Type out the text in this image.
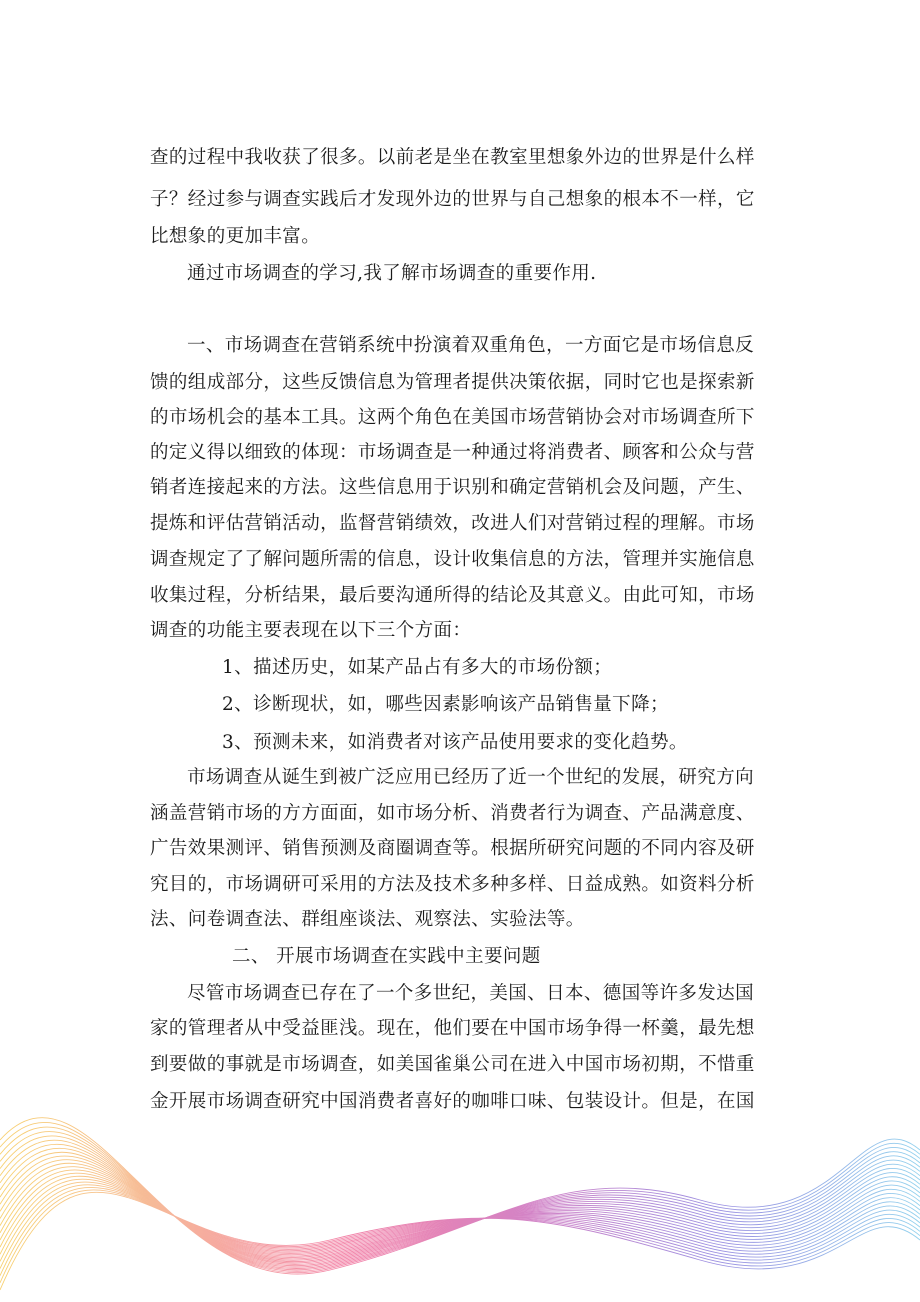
查的过程中我收获了很多。以前老是坐在教室里想象外边的世界是什么样
子？经过参与调查实践后才发现外边的世界与自己想象的根本不一样，它
比想象的更加丰富。
通过市场调查的学习,我了解市场调查的重要作用.
一、市场调查在营销系统中扮演着双重角色，一方面它是市场信息反
馈的组成部分，这些反馈信息为管理者提供决策依据，同时它也是探索新
的市场机会的基本工具。这两个角色在美国市场营销协会对市场调查所下
的定义得以细致的体现：市场调查是一种通过将消费者、顾客和公众与营
销者连接起来的方法。这些信息用于识别和确定营销机会及问题，产生、
提炼和评估营销活动，监督营销绩效，改进人们对营销过程的理解。市场
调查规定了了解问题所需的信息，设计收集信息的方法，管理并实施信息
收集过程，分析结果，最后要沟通所得的结论及其意义。由此可知，市场
调查的功能主要表现在以下三个方面：
1、描述历史，如某产品占有多大的市场份额；
2、诊断现状，如，哪些因素影响该产品销售量下降；
3、预测未来，如消费者对该产品使用要求的变化趋势。
市场调查从诞生到被广泛应用已经历了近一个世纪的发展，研究方向
涵盖营销市场的方方面面，如市场分析、消费者行为调查、产品满意度、
广告效果测评、销售预测及商圈调查等。根据所研究问题的不同内容及研
究目的，市场调研可采用的方法及技术多种多样、日益成熟。如资料分析
法、问卷调查法、群组座谈法、观察法、实验法等。
二、 开展市场调查在实践中主要问题
尽管市场调查已存在了一个多世纪，美国、日本、德国等许多发达国
家的管理者从中受益匪浅。现在，他们要在中国市场争得一杯羹，最先想
到要做的事就是市场调查，如美国雀巢公司在进入中国市场初期，不惜重
金开展市场调查研究中国消费者喜好的咖啡口味、包装设计。但是，在国
